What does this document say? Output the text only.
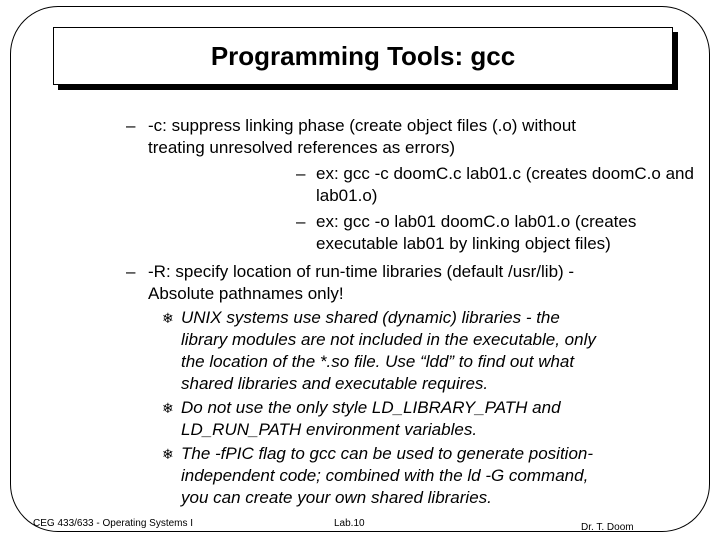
Programming Tools: gcc
– -c: suppress linking phase (create object files (.o) without
treating unresolved references as errors)
– ex: gcc -c doomC.c lab01.c (creates doomC.o and
lab01.o)
– ex: gcc -o lab01 doomC.o lab01.o (creates
executable lab01 by linking object files)
– -R: specify location of run-time libraries (default /usr/lib) -
Absolute pathnames only!
❄ UNIX systems use shared (dynamic) libraries - the
library modules are not included in the executable, only
the location of the *.so file. Use “ldd” to find out what
shared libraries and executable requires.
❄ Do not use the only style LD_LIBRARY_PATH and
LD_RUN_PATH environment variables.
❄ The -fPIC flag to gcc can be used to generate position-
independent code; combined with the ld -G command,
you can create your own shared libraries.
CEG 433/633 - Operating Systems I	Lab.10	Dr. T. Doom
